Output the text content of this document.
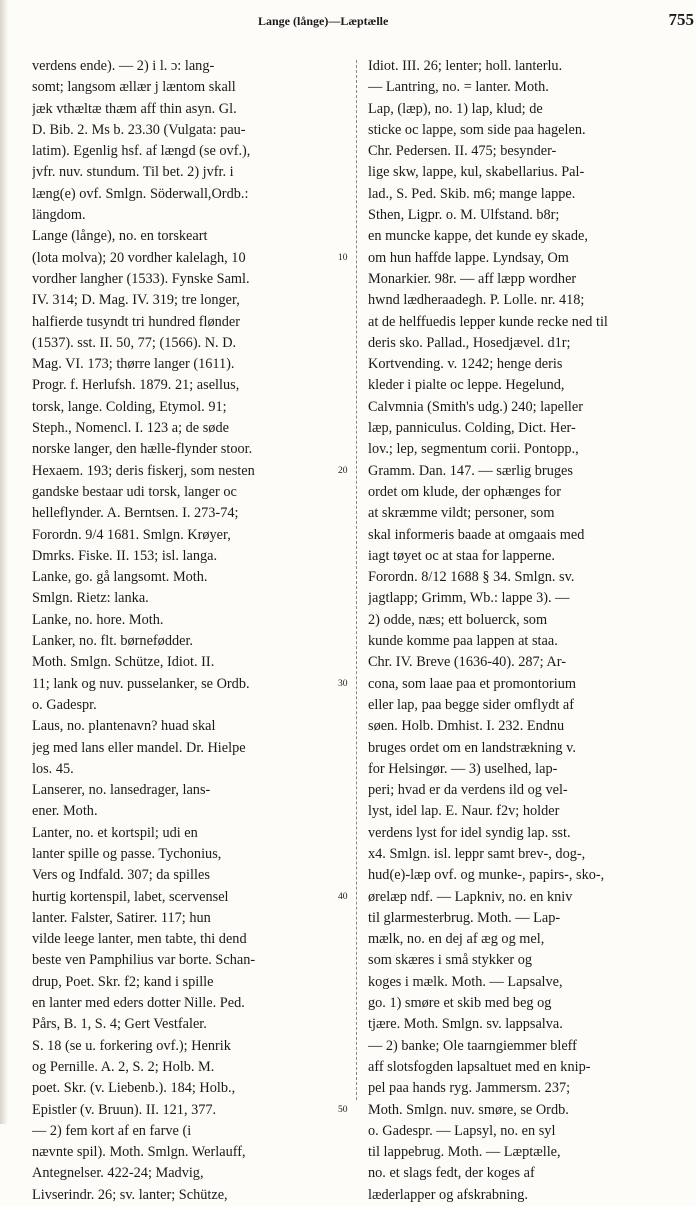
Lange (långe)—Læptælle	755
verdens ende). — 2) i l. ɔ: lang-
somt; langsom ællær j læntom skall
jæk vthæltæ thæm aff thin asyn. Gl.
D. Bib. 2. Ms b. 23.30 (Vulgata: pau-
latim). Egenlig hsf. af længd (se ovf.),
jvfr. nuv. stundum. Til bet. 2) jvfr. i
læng(e) ovf. Smlgn. Söderwall,Ordb.:
längdom.
Lange (långe), no. en torskeart
(lota molva); 20 vordher kalelagh, 10
vordher langher (1533). Fynske Saml.
IV. 314; D. Mag. IV. 319; tre longer,
halfierde tusyndt tri hundred flønder
(1537). sst. II. 50, 77; (1566). N. D.
Mag. VI. 173; thørre langer (1611).
Progr. f. Herlufsh. 1879. 21; asellus,
torsk, lange. Colding, Etymol. 91;
Steph., Nomencl. I. 123 a; de søde
norske langer, den hælle-flynder stoor.
Hexaem. 193; deris fiskerj, som nesten
gandske bestaar udi torsk, langer oc
helleflynder. A. Berntsen. I. 273-74;
Forordn. 9/4 1681. Smlgn. Krøyer,
Dmrks. Fiske. II. 153; isl. langa.
Lanke, go. gå langsomt. Moth.
Smlgn. Rietz: lanka.
Lanke, no. hore. Moth.
Lanker, no. flt. børnefødder.
Moth. Smlgn. Schütze, Idiot. II.
11; lank og nuv. pusselanker, se Ordb.
o. Gadespr.
Laus, no. plantenavn? huad skal
jeg med lans eller mandel. Dr. Hielpe
los. 45.
Lanserer, no. lansedrager, lans-
ener. Moth.
Lanter, no. et kortspil; udi en
lanter spille og passe. Tychonius,
Vers og Indfald. 307; da spilles
hurtig kortenspil, labet, scervensel
lanter. Falster, Satirer. 117; hun
vilde leege lanter, men tabte, thi dend
beste ven Pamphilius var borte. Schan-
drup, Poet. Skr. f2; kand i spille
en lanter med eders dotter Nille. Ped.
Pårs, B. 1, S. 4; Gert Vestfaler.
S. 18 (se u. forkering ovf.); Henrik
og Pernille. A. 2, S. 2; Holb. M.
poet. Skr. (v. Liebenb.). 184; Holb.,
Epistler (v. Bruun). II. 121, 377.
— 2) fem kort af en farve (i
nævnte spil). Moth. Smlgn. Werlauff,
Antegnelser. 422-24; Madvig,
Livserindr. 26; sv. lanter; Schütze,
10
20
30
40
50
Idiot. III. 26; lenter; holl. lanterlu.
— Lantring, no. = lanter. Moth.
Lap, (læp), no. 1) lap, klud; de
sticke oc lappe, som side paa hagelen.
Chr. Pedersen. II. 475; besynder-
lige skw, lappe, kul, skabellarius. Pal-
lad., S. Ped. Skib. m6; mange lappe.
Sthen, Ligpr. o. M. Ulfstand. b8r;
en muncke kappe, det kunde ey skade,
om hun haffde lappe. Lyndsay, Om
Monarkier. 98r. — aff læpp wordher
hwnd lædheraadegh. P. Lolle. nr. 418;
at de helffuedis lepper kunde recke ned til
deris sko. Pallad., Hosedjævel. d1r;
Kortvending. v. 1242; henge deris
kleder i pialte oc leppe. Hegelund,
Calvmnia (Smith's udg.) 240; lapeller
læp, panniculus. Colding, Dict. Her-
lov.; lep, segmentum corii. Pontopp.,
Gramm. Dan. 147. — særlig bruges
ordet om klude, der ophænges for
at skræmme vildt; personer, som
skal informeris baade at omgaais med
iagt tøyet oc at staa for lapperne.
Forordn. 8/12 1688 § 34. Smlgn. sv.
jagtlapp; Grimm, Wb.: lappe 3). —
2) odde, næs; ett boluerck, som
kunde komme paa lappen at staa.
Chr. IV. Breve (1636-40). 287; Ar-
cona, som laae paa et promontorium
eller lap, paa begge sider omflydt af
søen. Holb. Dmhist. I. 232. Endnu
bruges ordet om en landstrækning v.
for Helsingør. — 3) uselhed, lap-
peri; hvad er da verdens ild og vel-
lyst, idel lap. E. Naur. f2v; holder
verdens lyst for idel syndig lap. sst.
x4. Smlgn. isl. leppr samt brev-, dog-,
hud(e)-læp ovf. og munke-, papirs-, sko-,
ørelæp ndf. — Lapkniv, no. en kniv
til glarmesterbrug. Moth. — Lap-
mælk, no. en dej af æg og mel,
som skæres i små stykker og
koges i mælk. Moth. — Lapsalve,
go. 1) smøre et skib med beg og
tjære. Moth. Smlgn. sv. lappsalva.
— 2) banke; Ole taarngiemmer bleff
aff slotsfogden lapsaltuet med en knip-
pel paa hands ryg. Jammersm. 237;
Moth. Smlgn. nuv. smøre, se Ordb.
o. Gadespr. — Lapsyl, no. en syl
til lappebrug. Moth. — Læptælle,
no. et slags fedt, der koges af
læderlapper og afskrabning.
